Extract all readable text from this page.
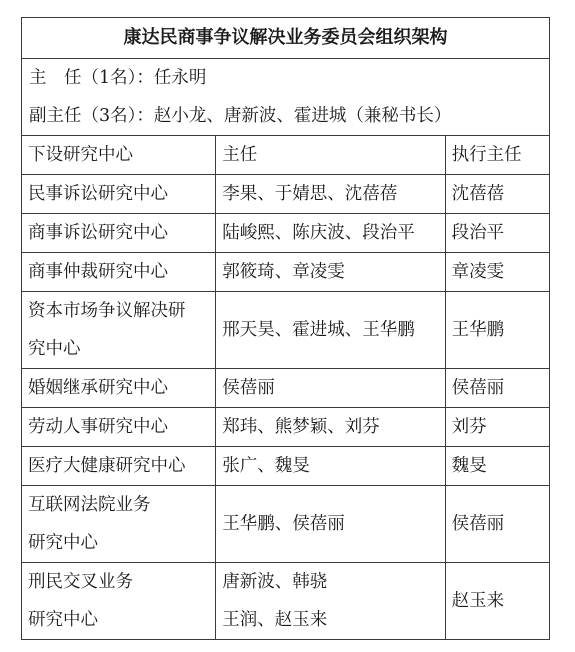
康达民商事争议解决业务委员会组织架构		

主　任（1名）：任永明
副主任（3名）：赵小龙、唐新波、霍进城（兼秘书长）		

下设研究中心	主任	执行主任
民事诉讼研究中心	李果、于婧思、沈蓓蓓	沈蓓蓓
商事诉讼研究中心	陆峻熙、陈庆波、段治平	段治平
商事仲裁研究中心	郭筱琦、章凌雯	章凌雯

资本市场争议解决研
究中心	邢天昊、霍进城、王华鹏	王华鹏
婚姻继承研究中心	侯蓓丽	侯蓓丽
劳动人事研究中心	郑玮、熊梦颖、刘芬	刘芬
医疗大健康研究中心	张广、魏旻	魏旻

互联网法院业务
研究中心	王华鹏、侯蓓丽	侯蓓丽

刑民交叉业务
研究中心	唐新波、韩骁
王润、赵玉来	赵玉来
